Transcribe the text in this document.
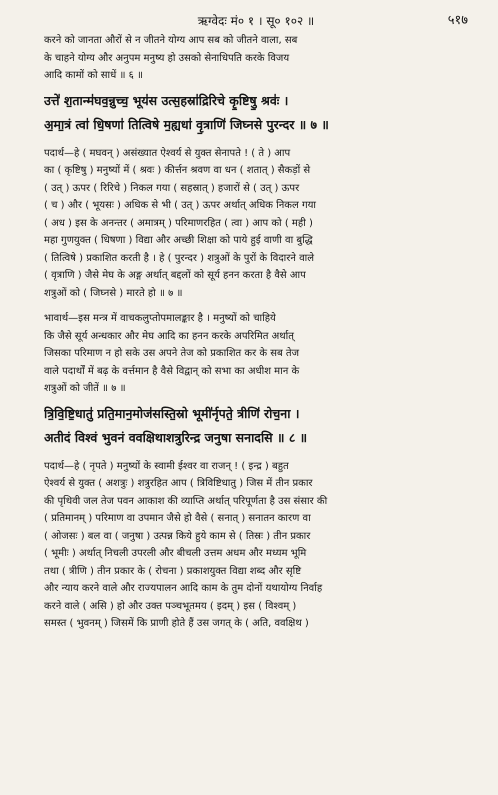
ऋग्वेदः मं० १ । सू० १०२ ॥	५१७

करने को जानता औरों से न जीतने योग्य आप सब को जीतने वाला, सब

के चाहने योग्य और अनुपम मनुष्य हो उसको सेनाधिपति करके विजय

आदि कामों को साधें ॥ ६ ॥

उत्ते॑ श॒तान्म॑घव॒न्नुच्च॒ भूय॑स उत्स॒हस्रा॑द्रिरिचे कृ॒ष्टिषु॒ श्रवः॑ ।
अ॒मा॒त्रं त्वा॑ धि॒षणा॑ तित्विषे म॒ह्यधा॑ वृ॒त्राणि॑ जिघ्नसे पुरन्दर ॥ ७ ॥

पदार्थ—हे ( मघवन् ) असंख्यात ऐश्वर्य से युक्त सेनापते ! ( ते ) आप

का ( कृष्टिषु ) मनुष्यों में ( श्रवः ) कीर्त्तन श्रवण वा धन ( शतात् ) सैकड़ों से

( उत् ) ऊपर ( रिरिचे ) निकल गया ( सहस्रात् ) हजारों से ( उत् ) ऊपर

( च ) और ( भूयसः ) अधिक से भी ( उत् ) ऊपर अर्थात् अधिक निकल गया

( अध ) इस के अनन्तर ( अमात्रम् ) परिमाणरहित ( त्वा ) आप को ( मही )

महा गुणयुक्त ( धिषणा ) विद्या और अच्छी शिक्षा को पाये हुई वाणी वा बुद्धि

( तित्विषे ) प्रकाशित करती है । हे ( पुरन्दर ) शत्रुओं के पुरों के विदारने वाले

( वृत्राणि ) जैसे मेघ के अङ्ग अर्थात् बद्दलों को सूर्य हनन करता है वैसे आप

शत्रुओं को ( जिघ्नसे ) मारते हो ॥ ७ ॥

भावार्थ—इस मन्त्र में वाचकलुप्तोपमालङ्कार है । मनुष्यों को चाहिये

कि जैसे सूर्य अन्धकार और मेघ आदि का हनन करके अपरिमित अर्थात्

जिसका परिमाण न हो सके उस अपने तेज को प्रकाशित कर के सब तेज

वाले पदार्थों में बढ़ के वर्त्तमान है वैसे विद्वान् को सभा का अधीश मान के

शत्रुओं को जीतें ॥ ७ ॥

त्रि॒वि॒ष्टि॒धातु॑ प्रति॒मान॒मोज॑सस्ति॒स्रो भूमी॑र्नृपते॒ त्रीणि॑ रोच॒ना ।
अतीदं विश्वं भुवनं ववक्षिथाशत्रुरिन्द्र जनुषा सनादसि ॥ ८ ॥

पदार्थ—हे ( नृपते ) मनुष्यों के स्वामी ईश्वर वा राजन् ! ( इन्द्र ) बहुत

ऐश्वर्य से युक्त ( अशत्रुः ) शत्रुरहित आप ( त्रिविष्टिधातु ) जिस में तीन प्रकार

की पृथिवी जल तेज पवन आकाश की व्याप्ति अर्थात् परिपूर्णता है उस संसार की

( प्रतिमानम् ) परिमाण वा उपमान जैसे हो वैसे ( सनात् ) सनातन कारण वा

( ओजसः ) बल वा ( जनुषा ) उत्पन्न किये हुये काम से ( तिस्रः ) तीन प्रकार

( भूमीः ) अर्थात् निचली उपरली और बीचली उत्तम अधम और मध्यम भूमि

तथा ( त्रीणि ) तीन प्रकार के ( रोचना ) प्रकाशयुक्त विद्या शब्द और सृष्टि

और न्याय करने वाले और राज्यपालन आदि काम के तुम दोनों यथायोग्य निर्वाह

करने वाले ( असि ) हो और उक्त पञ्चभूतमय ( इदम् ) इस ( विश्वम् )

समस्त ( भुवनम् ) जिसमें कि प्राणी होते हैं उस जगत् के ( अति, ववक्षिथ )
